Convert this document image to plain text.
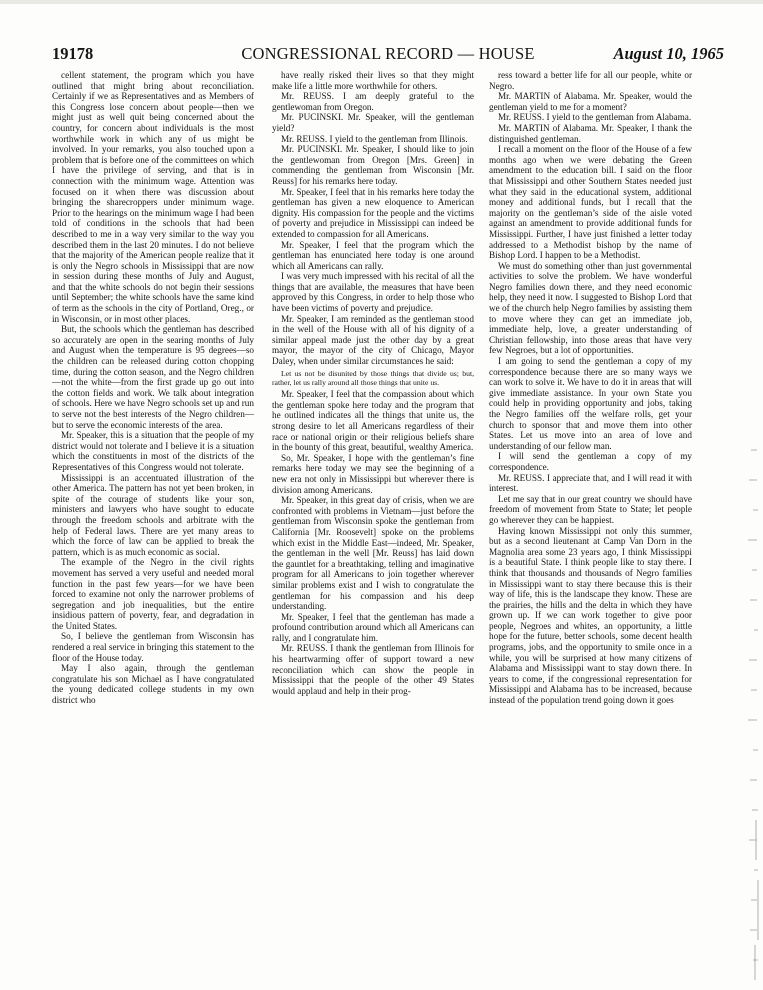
19178	CONGRESSIONAL RECORD — HOUSE	August 10, 1965

cellent statement, the program which you have outlined that might bring about reconciliation. Certainly if we as Representatives and as Members of this Congress lose concern about people—then we might just as well quit being concerned about the country, for concern about individuals is the most worthwhile work in which any of us might be involved. In your remarks, you also touched upon a problem that is before one of the committees on which I have the privilege of serving, and that is in connection with the minimum wage. Attention was focused on it when there was discussion about bringing the sharecroppers under minimum wage. Prior to the hearings on the minimum wage I had been told of conditions in the schools that had been described to me in a way very similar to the way you described them in the last 20 minutes. I do not believe that the majority of the American people realize that it is only the Negro schools in Mississippi that are now in session during these months of July and August, and that the white schools do not begin their sessions until September; the white schools have the same kind of term as the schools in the city of Portland, Oreg., or in Wisconsin, or in most other places.

But, the schools which the gentleman has described so accurately are open in the searing months of July and August when the temperature is 95 degrees—so the children can be released during cotton chopping time, during the cotton season, and the Negro children—not the white—from the first grade up go out into the cotton fields and work. We talk about integration of schools. Here we have Negro schools set up and run to serve not the best interests of the Negro children—but to serve the economic interests of the area.

Mr. Speaker, this is a situation that the people of my district would not tolerate and I believe it is a situation which the constituents in most of the districts of the Representatives of this Congress would not tolerate.

Mississippi is an accentuated illustration of the other America. The pattern has not yet been broken, in spite of the courage of students like your son, ministers and lawyers who have sought to educate through the freedom schools and arbitrate with the help of Federal laws. There are yet many areas to which the force of law can be applied to break the pattern, which is as much economic as social.

The example of the Negro in the civil rights movement has served a very useful and needed moral function in the past few years—for we have been forced to examine not only the narrower problems of segregation and job inequalities, but the entire insidious pattern of poverty, fear, and degradation in the United States.

So, I believe the gentleman from Wisconsin has rendered a real service in bringing this statement to the floor of the House today.

May I also again, through the gentleman congratulate his son Michael as I have congratulated the young dedicated college students in my own district who

have really risked their lives so that they might make life a little more worthwhile for others.

Mr. REUSS. I am deeply grateful to the gentlewoman from Oregon.

Mr. PUCINSKI. Mr. Speaker, will the gentleman yield?

Mr. REUSS. I yield to the gentleman from Illinois.

Mr. PUCINSKI. Mr. Speaker, I should like to join the gentlewoman from Oregon [Mrs. Green] in commending the gentleman from Wisconsin [Mr. Reuss] for his remarks here today.

Mr. Speaker, I feel that in his remarks here today the gentleman has given a new eloquence to American dignity. His compassion for the people and the victims of poverty and prejudice in Mississippi can indeed be extended to compassion for all Americans.

Mr. Speaker, I feel that the program which the gentleman has enunciated here today is one around which all Americans can rally.

I was very much impressed with his recital of all the things that are available, the measures that have been approved by this Congress, in order to help those who have been victims of poverty and prejudice.

Mr. Speaker, I am reminded as the gentleman stood in the well of the House with all of his dignity of a similar appeal made just the other day by a great mayor, the mayor of the city of Chicago, Mayor Daley, when under similar circumstances he said:

Let us not be disunited by those things that divide us; but, rather, let us rally around all those things that unite us.

Mr. Speaker, I feel that the compassion about which the gentleman spoke here today and the program that he outlined indicates all the things that unite us, the strong desire to let all Americans regardless of their race or national origin or their religious beliefs share in the bounty of this great, beautiful, wealthy America.

So, Mr. Speaker, I hope with the gentleman’s fine remarks here today we may see the beginning of a new era not only in Mississippi but wherever there is division among Americans.

Mr. Speaker, in this great day of crisis, when we are confronted with problems in Vietnam—just before the gentleman from Wisconsin spoke the gentleman from California [Mr. Roosevelt] spoke on the problems which exist in the Middle East—indeed, Mr. Speaker, the gentleman in the well [Mr. Reuss] has laid down the gauntlet for a breathtaking, telling and imaginative program for all Americans to join together wherever similar problems exist and I wish to congratulate the gentleman for his compassion and his deep understanding.

Mr. Speaker, I feel that the gentleman has made a profound contribution around which all Americans can rally, and I congratulate him.

Mr. REUSS. I thank the gentleman from Illinois for his heartwarming offer of support toward a new reconciliation which can show the people in Mississippi that the people of the other 49 States would applaud and help in their prog-

ress toward a better life for all our people, white or Negro.

Mr. MARTIN of Alabama. Mr. Speaker, would the gentleman yield to me for a moment?

Mr. REUSS. I yield to the gentleman from Alabama.

Mr. MARTIN of Alabama. Mr. Speaker, I thank the distinguished gentleman.

I recall a moment on the floor of the House of a few months ago when we were debating the Green amendment to the education bill. I said on the floor that Mississippi and other Southern States needed just what they said in the educational system, additional money and additional funds, but I recall that the majority on the gentleman’s side of the aisle voted against an amendment to provide additional funds for Mississippi. Further, I have just finished a letter today addressed to a Methodist bishop by the name of Bishop Lord. I happen to be a Methodist.

We must do something other than just governmental activities to solve the problem. We have wonderful Negro families down there, and they need economic help, they need it now. I suggested to Bishop Lord that we of the church help Negro families by assisting them to move where they can get an immediate job, immediate help, love, a greater understanding of Christian fellowship, into those areas that have very few Negroes, but a lot of opportunities.

I am going to send the gentleman a copy of my correspondence because there are so many ways we can work to solve it. We have to do it in areas that will give immediate assistance. In your own State you could help in providing opportunity and jobs, taking the Negro families off the welfare rolls, get your church to sponsor that and move them into other States. Let us move into an area of love and understanding of our fellow man.

I will send the gentleman a copy of my correspondence.

Mr. REUSS. I appreciate that, and I will read it with interest.

Let me say that in our great country we should have freedom of movement from State to State; let people go wherever they can be happiest.

Having known Mississippi not only this summer, but as a second lieutenant at Camp Van Dorn in the Magnolia area some 23 years ago, I think Mississippi is a beautiful State. I think people like to stay there. I think that thousands and thousands of Negro families in Mississippi want to stay there because this is their way of life, this is the landscape they know. These are the prairies, the hills and the delta in which they have grown up. If we can work together to give poor people, Negroes and whites, an opportunity, a little hope for the future, better schools, some decent health programs, jobs, and the opportunity to smile once in a while, you will be surprised at how many citizens of Alabama and Mississippi want to stay down there. In years to come, if the congressional representation for Mississippi and Alabama has to be increased, because instead of the population trend going down it goes
